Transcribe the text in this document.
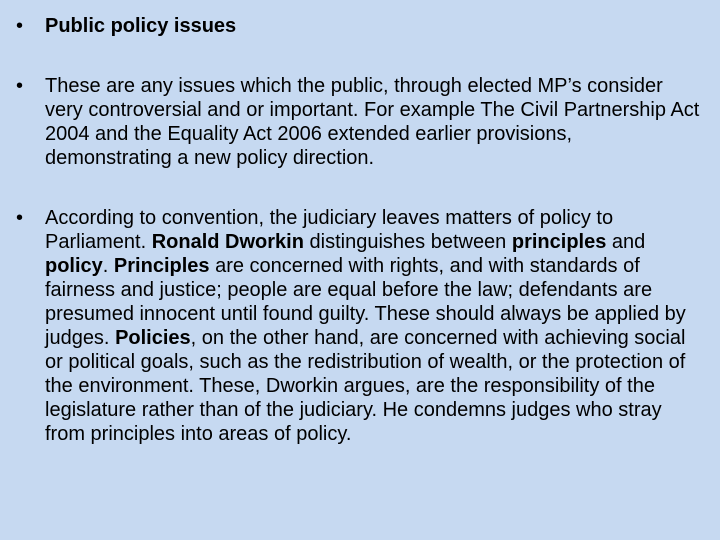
• Public policy issues
• These are any issues which the public, through elected MP’s consider very controversial and or important. For example The Civil Partnership Act 2004 and the Equality Act 2006 extended earlier provisions, demonstrating a new policy direction.
• According to convention, the judiciary leaves matters of policy to Parliament. Ronald Dworkin distinguishes between principles and policy. Principles are concerned with rights, and with standards of fairness and justice; people are equal before the law; defendants are presumed innocent until found guilty. These should always be applied by judges. Policies, on the other hand, are concerned with achieving social or political goals, such as the redistribution of wealth, or the protection of the environment. These, Dworkin argues, are the responsibility of the legislature rather than of the judiciary. He condemns judges who stray from principles into areas of policy.
